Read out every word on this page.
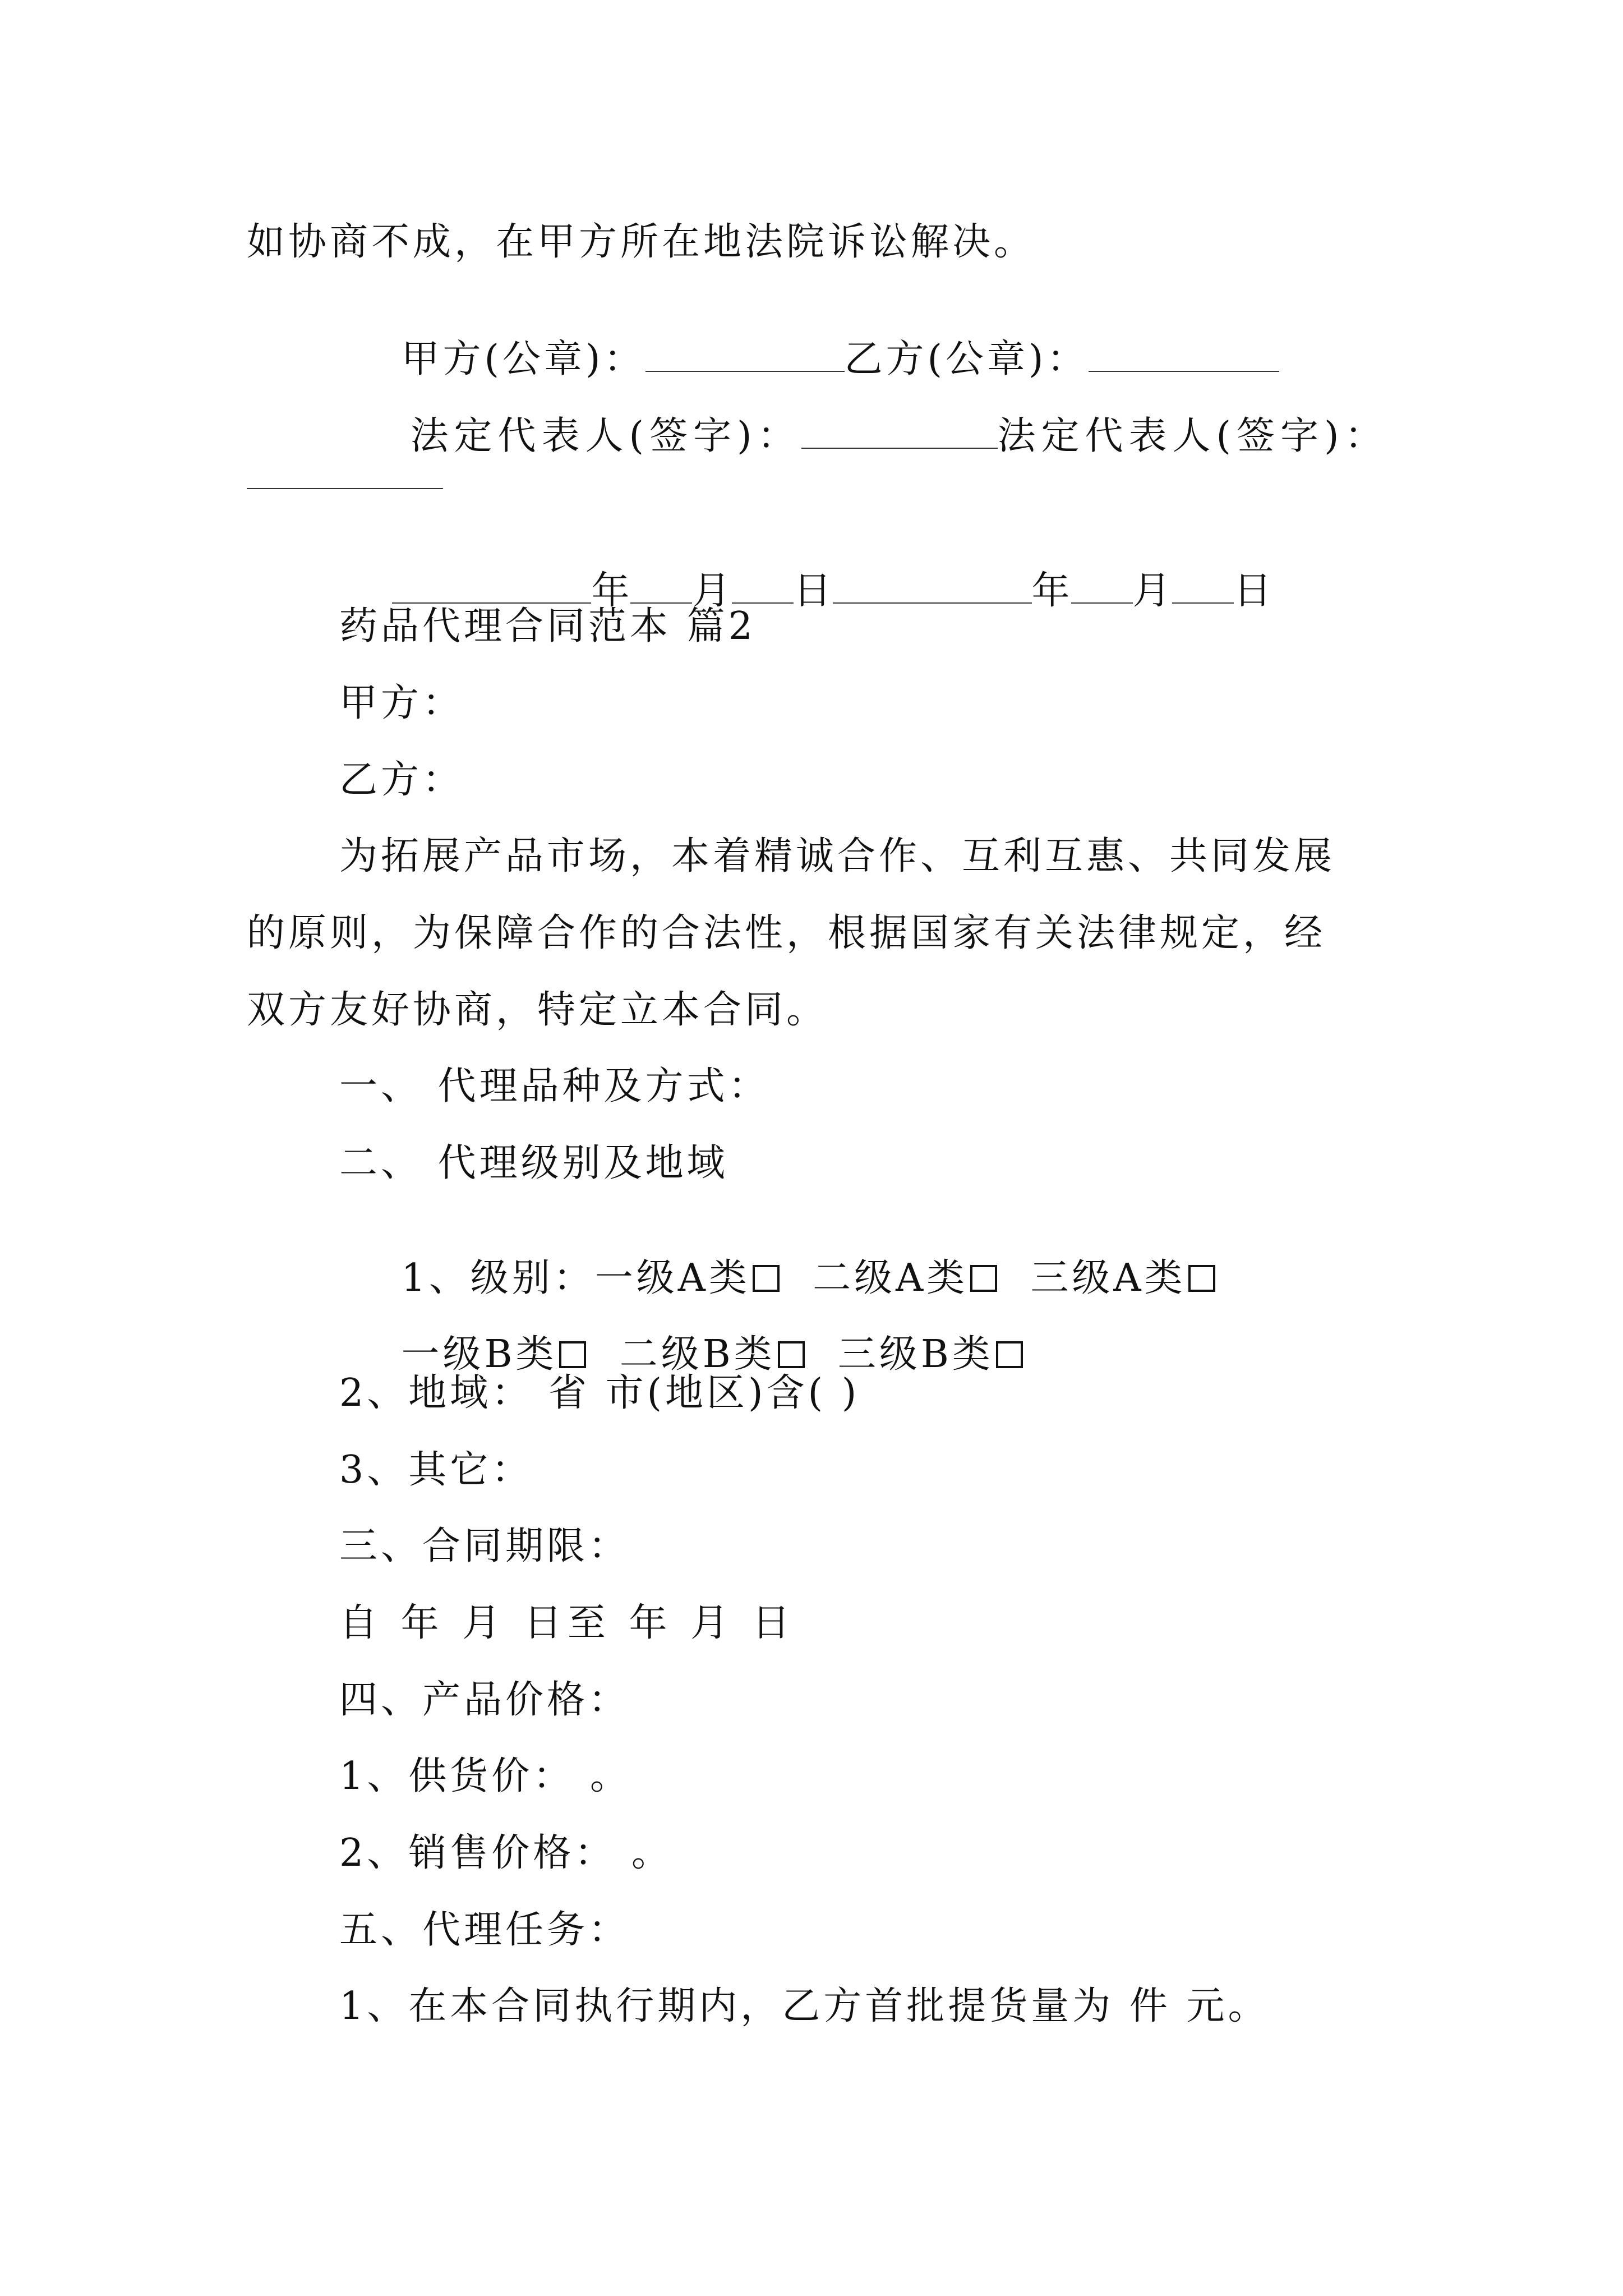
如协商不成，在甲方所在地法院诉讼解决。

甲方(公章)：	乙方(公章)：

法定代表人(签字)：	法定代表人(签字)：

年 月 日	年 月 日

药品代理合同范本 篇2
甲方：
乙方：
为拓展产品市场，本着精诚合作、互利互惠、共同发展
的原则，为保障合作的合法性，根据国家有关法律规定，经
双方友好协商，特定立本合同。
一、 代理品种及方式：
二、 代理级别及地域

1、级别：一级A类 二级A类 三级A类

一级B类 二级B类 三级B类

2、地域： 省 市(地区)含( )
3、其它：
三、合同期限：
自 年 月 日至 年 月 日
四、产品价格：
1、供货价： 。
2、销售价格： 。
五、代理任务：
1、在本合同执行期内，乙方首批提货量为 件 元。
